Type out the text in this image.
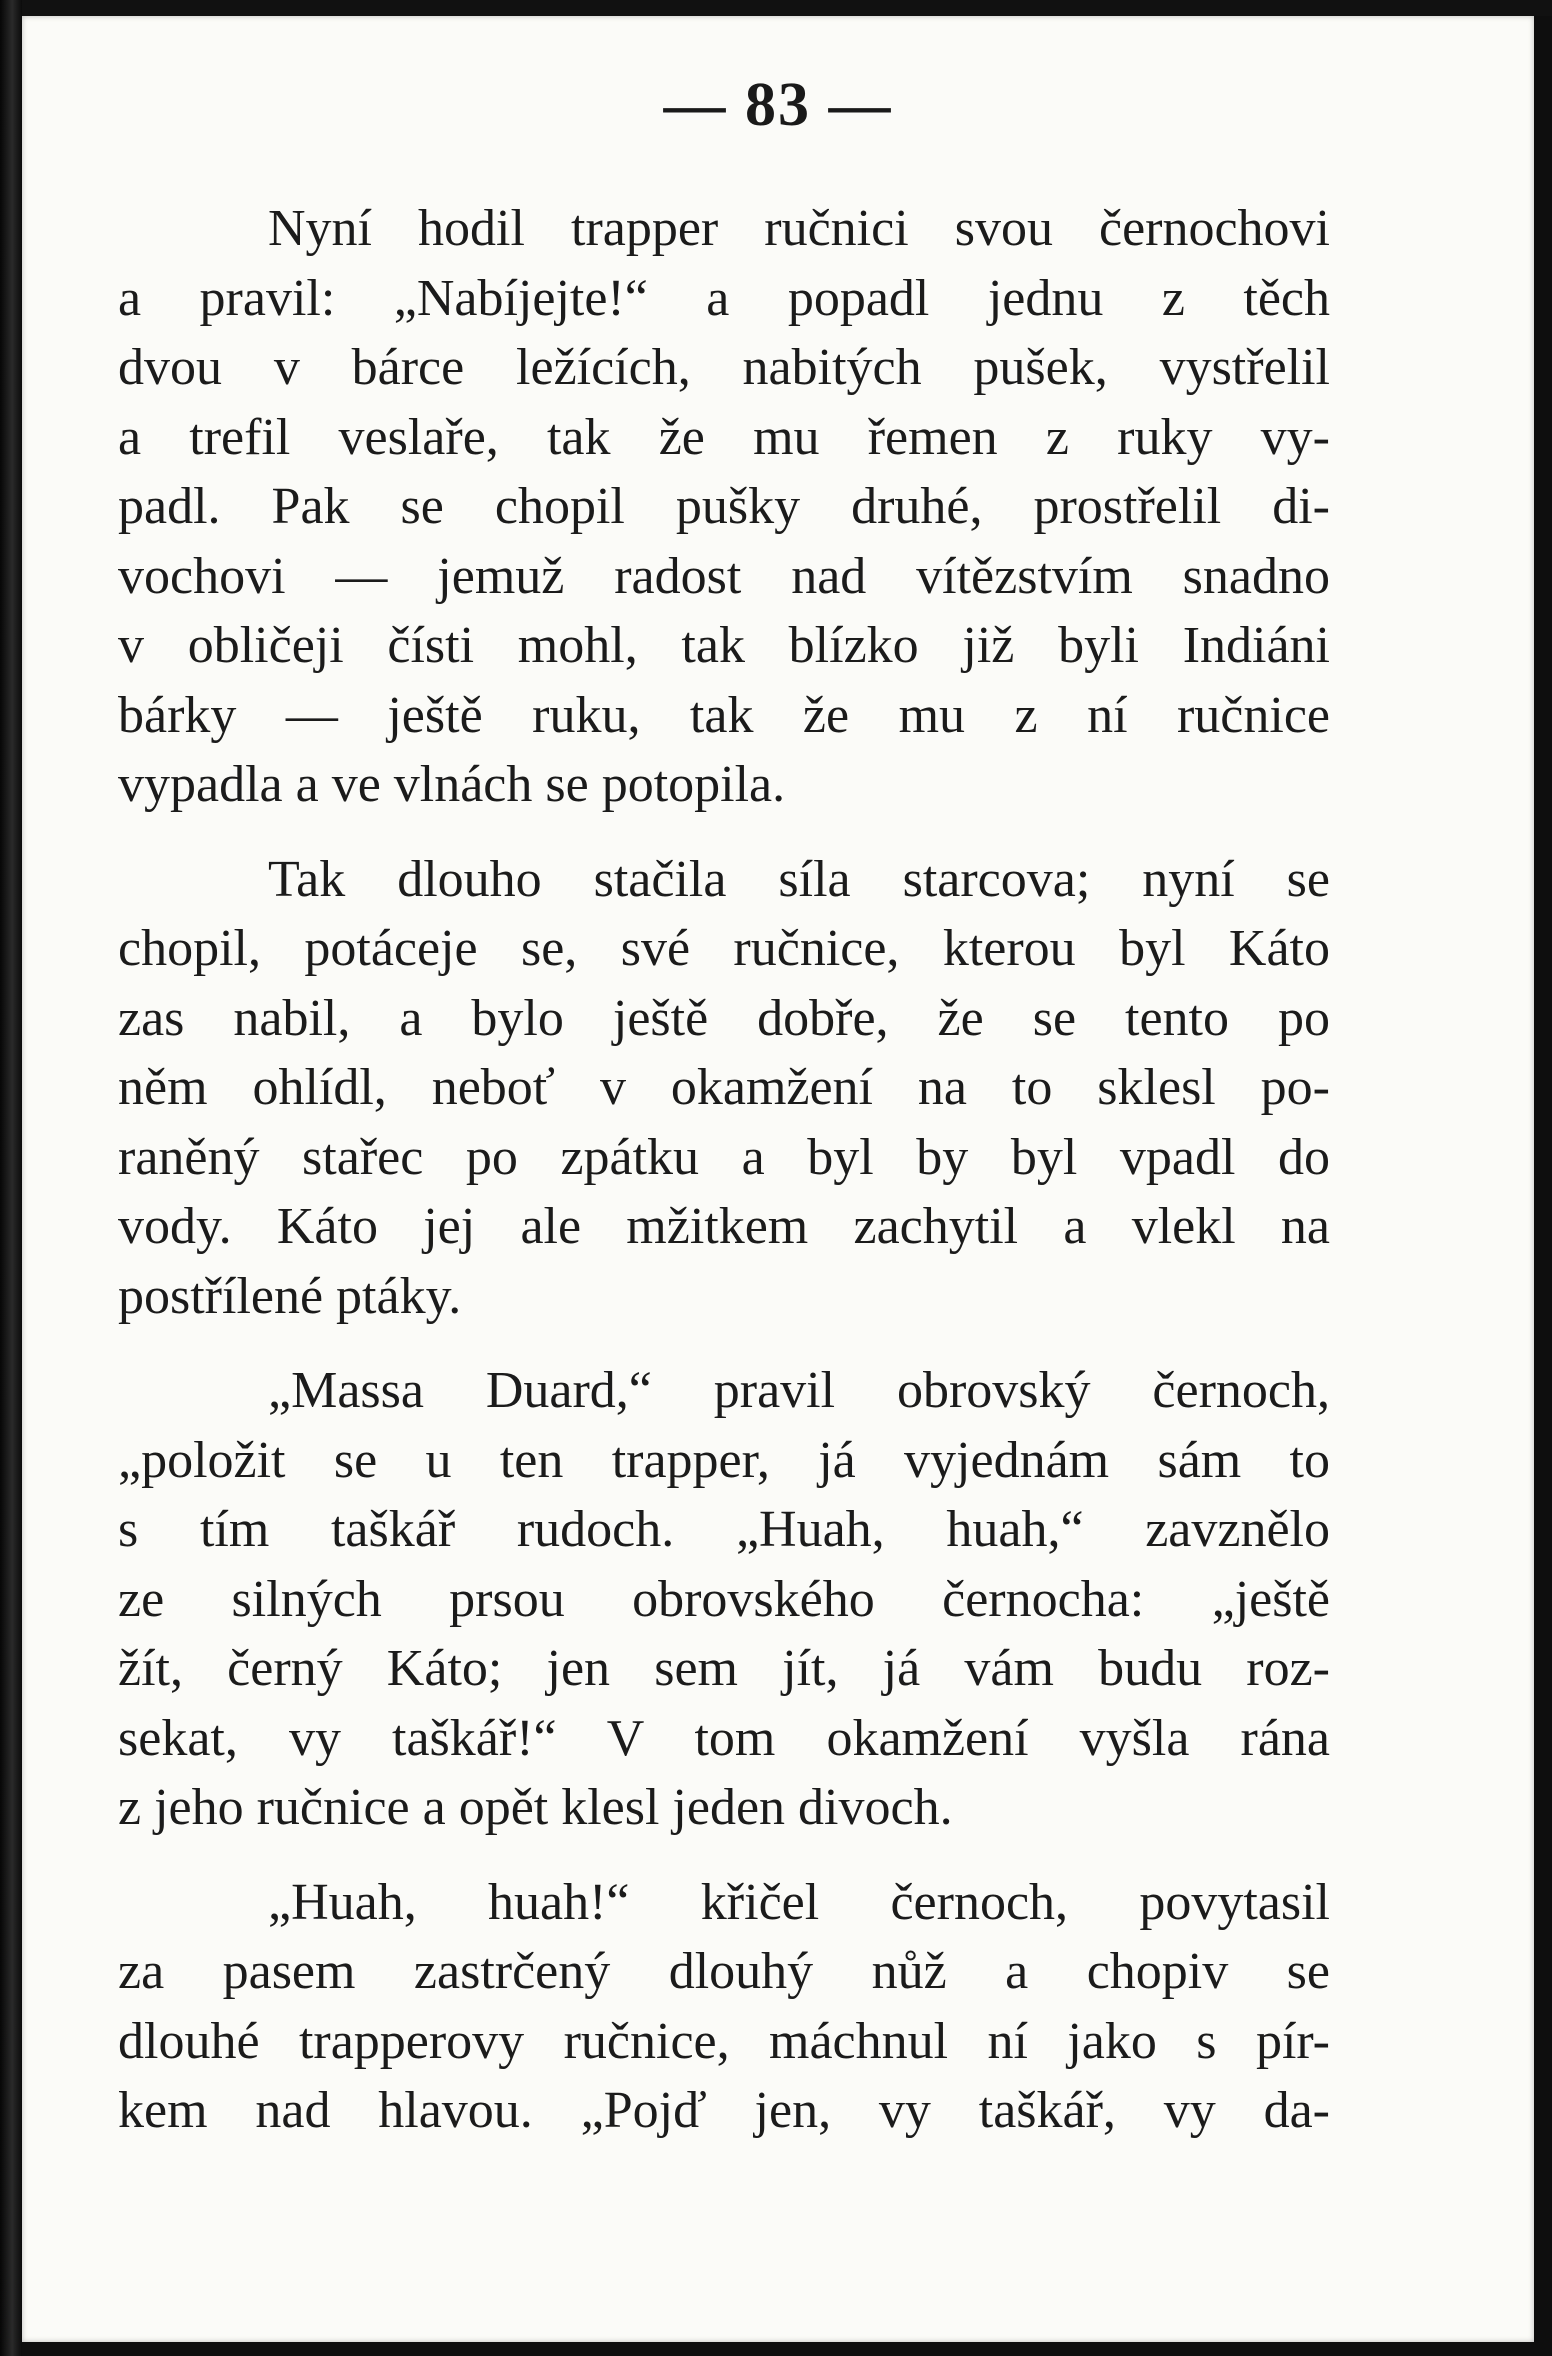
— 83 —

Nyní hodil trapper ručnici svou černochovi
a pravil: „Nabíjejte!“ a popadl jednu z těch
dvou v bárce ležících, nabitých pušek, vystřelil
a trefil veslaře, tak že mu řemen z ruky vy-
padl. Pak se chopil pušky druhé, prostřelil di-
vochovi — jemuž radost nad vítězstvím snadno
v obličeji čísti mohl, tak blízko již byli Indiáni
bárky — ještě ruku, tak že mu z ní ručnice
vypadla a ve vlnách se potopila.

Tak dlouho stačila síla starcova; nyní se
chopil, potáceje se, své ručnice, kterou byl Káto
zas nabil, a bylo ještě dobře, že se tento po
něm ohlídl, neboť v okamžení na to sklesl po-
raněný stařec po zpátku a byl by byl vpadl do
vody. Káto jej ale mžitkem zachytil a vlekl na
postřílené ptáky.

„Massa Duard,“ pravil obrovský černoch,
„položit se u ten trapper, já vyjednám sám to
s tím taškář rudoch. „Huah, huah,“ zavznělo
ze silných prsou obrovského černocha: „ještě
žít, černý Káto; jen sem jít, já vám budu roz-
sekat, vy taškář!“ V tom okamžení vyšla rána
z jeho ručnice a opět klesl jeden divoch.

„Huah, huah!“ křičel černoch, povytasil
za pasem zastrčený dlouhý nůž a chopiv se
dlouhé trapperovy ručnice, máchnul ní jako s pír-
kem nad hlavou. „Pojď jen, vy taškář, vy da-
